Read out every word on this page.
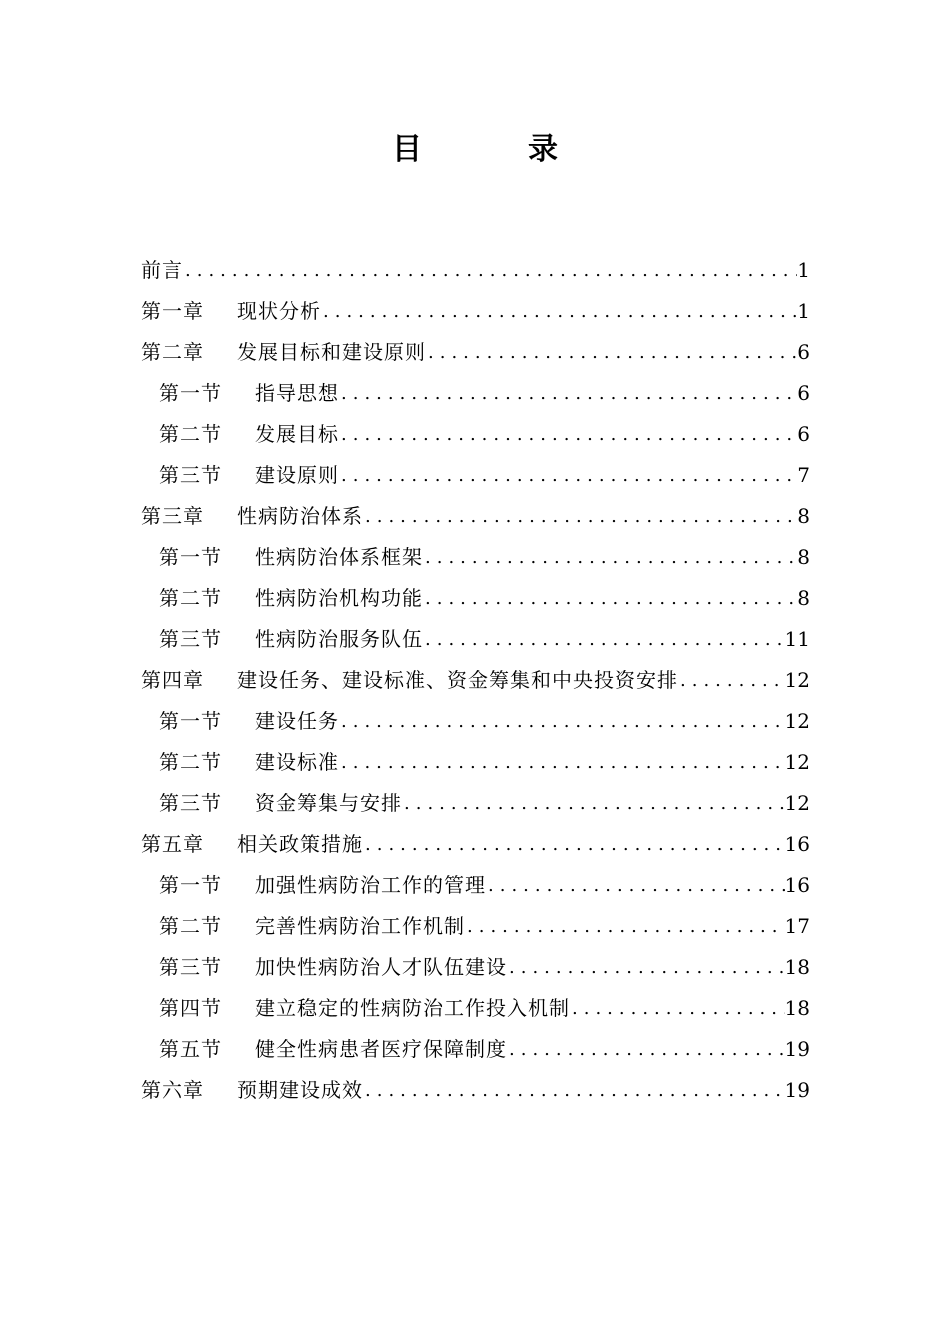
目　录
前言 .....	1
第一章 现状分析 .....	1
第二章 发展目标和建设原则 .....	6
第一节 指导思想 .....	6
第二节 发展目标 .....	6
第三节 建设原则 .....	7
第三章 性病防治体系 .....	8
第一节 性病防治体系框架 .....	8
第二节 性病防治机构功能 .....	8
第三节 性病防治服务队伍 .....	11
第四章 建设任务、建设标准、资金筹集和中央投资安排 .....	12
第一节 建设任务 .....	12
第二节 建设标准 .....	12
第三节 资金筹集与安排 .....	12
第五章 相关政策措施 .....	16
第一节 加强性病防治工作的管理 .....	16
第二节 完善性病防治工作机制 .....	17
第三节 加快性病防治人才队伍建设 .....	18
第四节 建立稳定的性病防治工作投入机制 .....	18
第五节 健全性病患者医疗保障制度 .....	19
第六章 预期建设成效 .....	19
